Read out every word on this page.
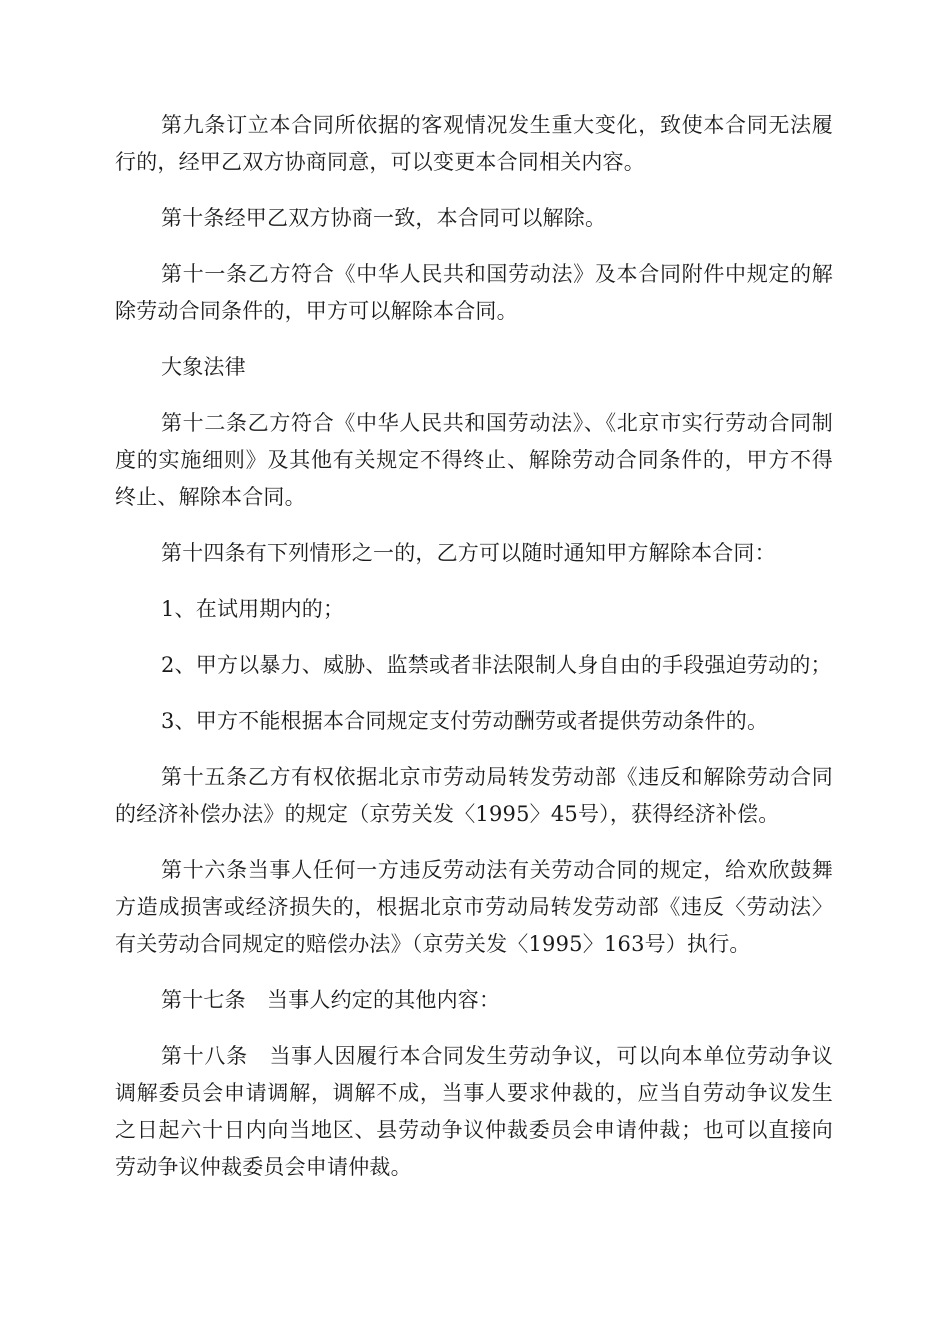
第九条订立本合同所依据的客观情况发生重大变化，致使本合同无法履行的，经甲乙双方协商同意，可以变更本合同相关内容。

第十条经甲乙双方协商一致，本合同可以解除。

第十一条乙方符合《中华人民共和国劳动法》及本合同附件中规定的解除劳动合同条件的，甲方可以解除本合同。

大象法律

第十二条乙方符合《中华人民共和国劳动法》、《北京市实行劳动合同制度的实施细则》及其他有关规定不得终止、解除劳动合同条件的，甲方不得终止、解除本合同。

第十四条有下列情形之一的，乙方可以随时通知甲方解除本合同：

1、在试用期内的；

2、甲方以暴力、威胁、监禁或者非法限制人身自由的手段强迫劳动的；

3、甲方不能根据本合同规定支付劳动酬劳或者提供劳动条件的。

第十五条乙方有权依据北京市劳动局转发劳动部《违反和解除劳动合同的经济补偿办法》的规定（京劳关发〈1995〉45号），获得经济补偿。

第十六条当事人任何一方违反劳动法有关劳动合同的规定，给欢欣鼓舞方造成损害或经济损失的，根据北京市劳动局转发劳动部《违反〈劳动法〉有关劳动合同规定的赔偿办法》（京劳关发〈1995〉163号）执行。

第十七条　当事人约定的其他内容：

第十八条　当事人因履行本合同发生劳动争议，可以向本单位劳动争议调解委员会申请调解，调解不成，当事人要求仲裁的，应当自劳动争议发生之日起六十日内向当地区、县劳动争议仲裁委员会申请仲裁；也可以直接向劳动争议仲裁委员会申请仲裁。
